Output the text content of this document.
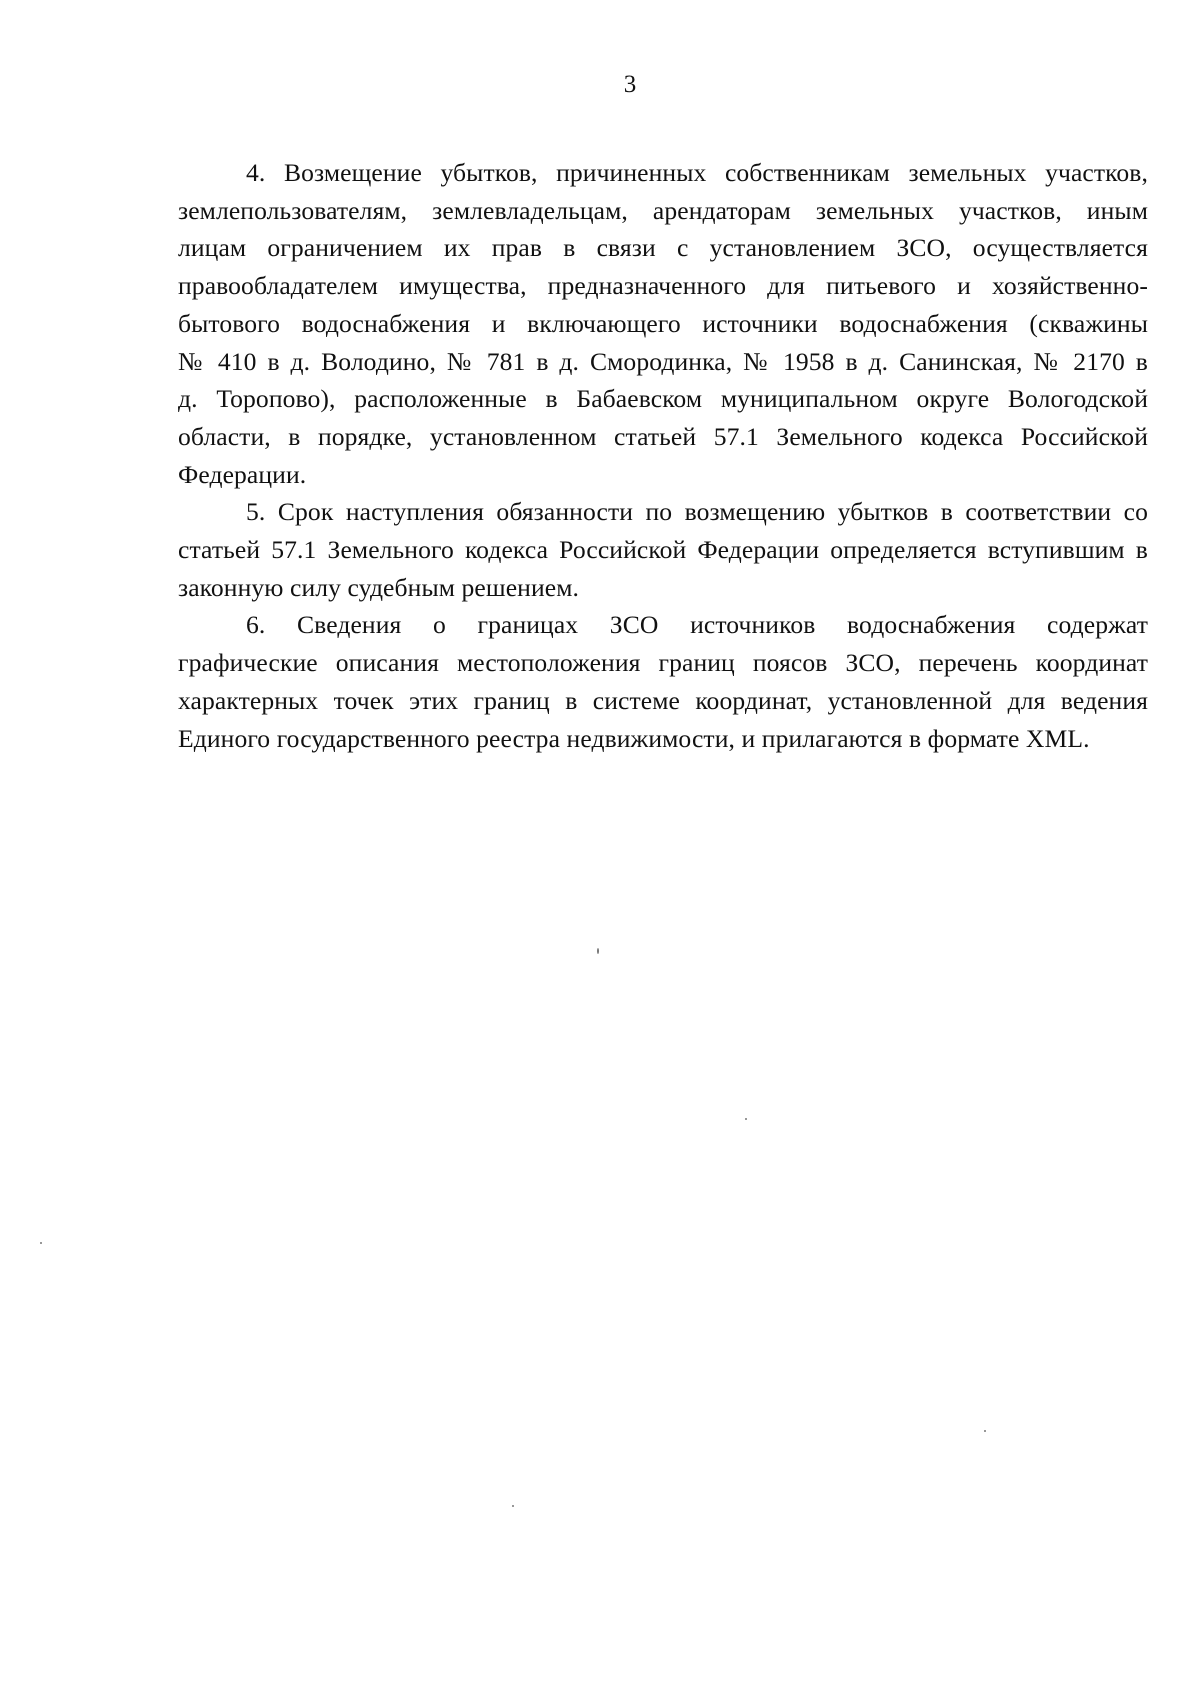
3
4. Возмещение убытков, причиненных собственникам земельных участков,
землепользователям, землевладельцам, арендаторам земельных участков, иным
лицам ограничением их прав в связи с установлением ЗСО, осуществляется
правообладателем имущества, предназначенного для питьевого и хозяйственно-
бытового водоснабжения и включающего источники водоснабжения (скважины
№ 410 в д. Володино, № 781 в д. Смородинка, № 1958 в д. Санинская, № 2170 в
д. Торопово), расположенные в Бабаевском муниципальном округе Вологодской
области, в порядке, установленном статьей 57.1 Земельного кодекса Российской
Федерации.
5. Срок наступления обязанности по возмещению убытков в соответствии со
статьей 57.1 Земельного кодекса Российской Федерации определяется вступившим в
законную силу судебным решением.
6. Сведения о границах ЗСО источников водоснабжения содержат
графические описания местоположения границ поясов ЗСО, перечень координат
характерных точек этих границ в системе координат, установленной для ведения
Единого государственного реестра недвижимости, и прилагаются в формате XML.
